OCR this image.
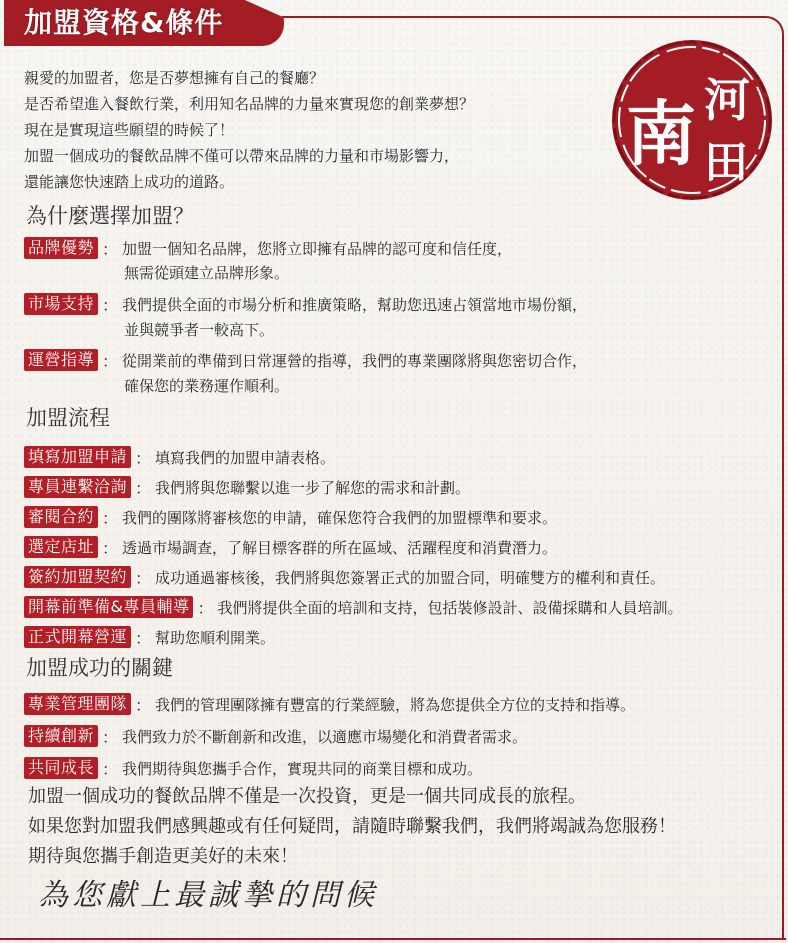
加盟資格&條件
南 河
田
親愛的加盟者，您是否夢想擁有自己的餐廳？
是否希望進入餐飲行業，利用知名品牌的力量來實現您的創業夢想？
現在是實現這些願望的時候了！
加盟一個成功的餐飲品牌不僅可以帶來品牌的力量和市場影響力，
還能讓您快速踏上成功的道路。
為什麼選擇加盟？
品牌優勢 ： 加盟一個知名品牌，您將立即擁有品牌的認可度和信任度，
無需從頭建立品牌形象。
市場支持 ： 我們提供全面的市場分析和推廣策略，幫助您迅速占領當地市場份額，
並與競爭者一較高下。
運營指導 ： 從開業前的準備到日常運營的指導，我們的專業團隊將與您密切合作，
確保您的業務運作順利。
加盟流程
填寫加盟申請 ： 填寫我們的加盟申請表格。
專員連繫洽詢 ： 我們將與您聯繫以進一步了解您的需求和計劃。
審閱合約 ： 我們的團隊將審核您的申請，確保您符合我們的加盟標準和要求。
選定店址 ： 透過市場調查，了解目標客群的所在區域、活躍程度和消費潛力。
簽約加盟契約 ： 成功通過審核後，我們將與您簽署正式的加盟合同，明確雙方的權利和責任。
開幕前準備&專員輔導 ： 我們將提供全面的培訓和支持，包括裝修設計、設備採購和人員培訓。
正式開幕營運 ： 幫助您順利開業。
加盟成功的關鍵
專業管理團隊 ： 我們的管理團隊擁有豐富的行業經驗，將為您提供全方位的支持和指導。
持續創新 ： 我們致力於不斷創新和改進，以適應市場變化和消費者需求。
共同成長 ： 我們期待與您攜手合作，實現共同的商業目標和成功。
加盟一個成功的餐飲品牌不僅是一次投資，更是一個共同成長的旅程。
如果您對加盟我們感興趣或有任何疑問，請隨時聯繫我們，我們將竭誠為您服務！
期待與您攜手創造更美好的未來！
為您獻上最誠摯的問候
